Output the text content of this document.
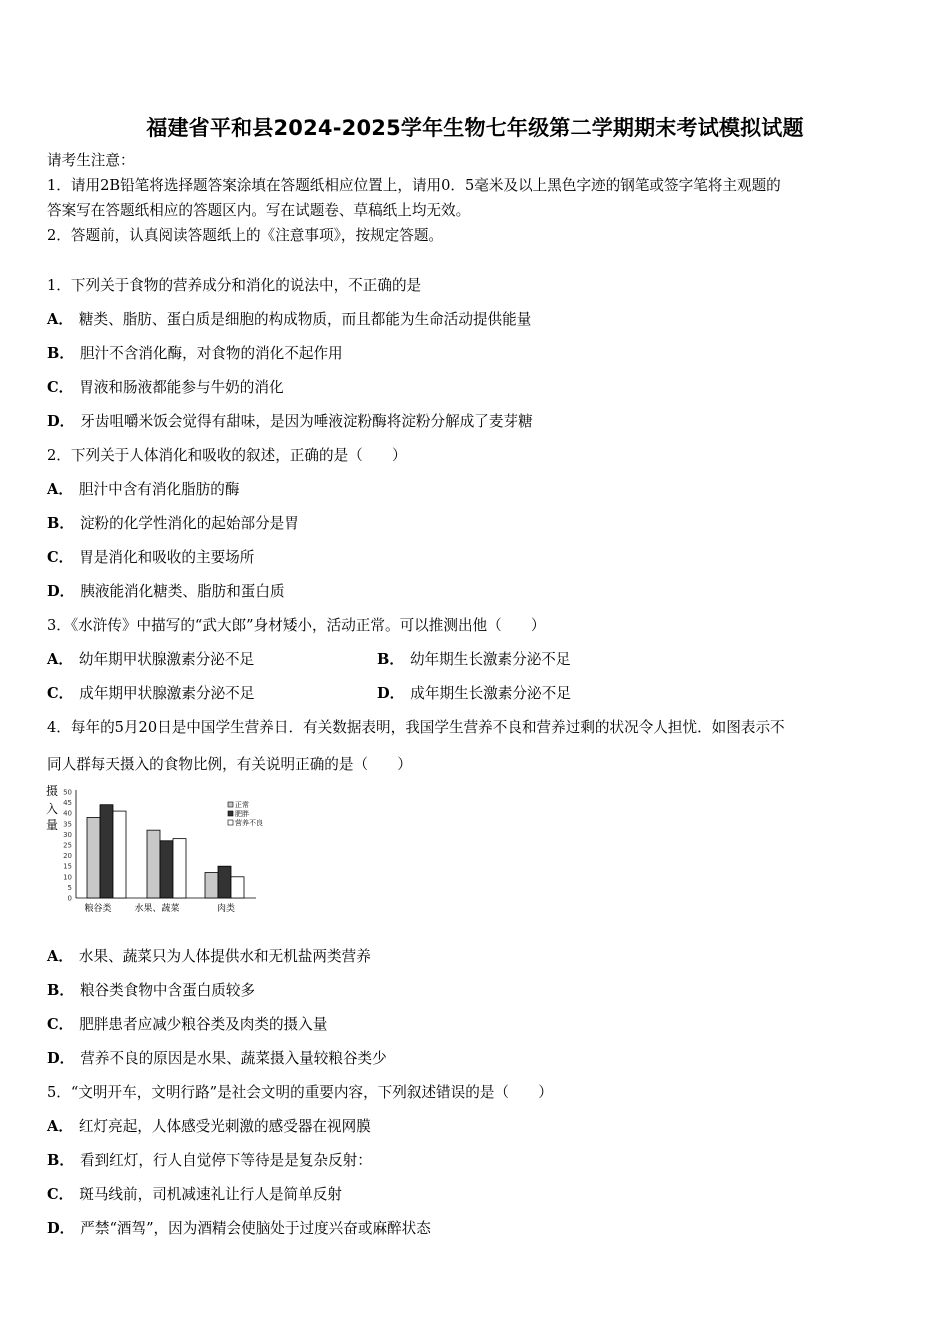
福建省平和县2024-2025学年生物七年级第二学期期末考试模拟试题
请考生注意：
1．请用2B铅笔将选择题答案涂填在答题纸相应位置上，请用0．5毫米及以上黑色字迹的钢笔或签字笔将主观题的
答案写在答题纸相应的答题区内。写在试题卷、草稿纸上均无效。
2．答题前，认真阅读答题纸上的《注意事项》，按规定答题。
1．下列关于食物的营养成分和消化的说法中，不正确的是
A． 糖类、脂肪、蛋白质是细胞的构成物质，而且都能为生命活动提供能量
B． 胆汁不含消化酶，对食物的消化不起作用
C． 胃液和肠液都能参与牛奶的消化
D． 牙齿咀嚼米饭会觉得有甜味，是因为唾液淀粉酶将淀粉分解成了麦芽糖
2．下列关于人体消化和吸收的叙述，正确的是（　　）
A． 胆汁中含有消化脂肪的酶
B． 淀粉的化学性消化的起始部分是胃
C． 胃是消化和吸收的主要场所
D． 胰液能消化糖类、脂肪和蛋白质
3．《水浒传》中描写的“武大郎”身材矮小，活动正常。可以推测出他（　　）
A． 幼年期甲状腺激素分泌不足	B． 幼年期生长激素分泌不足
C． 成年期甲状腺激素分泌不足	D． 成年期生长激素分泌不足
4．每年的5月20日是中国学生营养日．有关数据表明，我国学生营养不良和营养过剩的状况令人担忧．如图表示不
同人群每天摄入的食物比例，有关说明正确的是（　　）
摄
入
量
0
5
10
15
20
25
30
35
40
45
50
粮谷类	水果、蔬菜	肉类
正常
肥胖
营养不良
A． 水果、蔬菜只为人体提供水和无机盐两类营养
B． 粮谷类食物中含蛋白质较多
C． 肥胖患者应减少粮谷类及肉类的摄入量
D． 营养不良的原因是水果、蔬菜摄入量较粮谷类少
5．“文明开车，文明行路”是社会文明的重要内容，下列叙述错误的是（　　）
A． 红灯亮起，人体感受光刺激的感受器在视网膜
B． 看到红灯，行人自觉停下等待是是复杂反射：
C． 斑马线前，司机减速礼让行人是简单反射
D． 严禁“酒驾”，因为酒精会使脑处于过度兴奋或麻醉状态
